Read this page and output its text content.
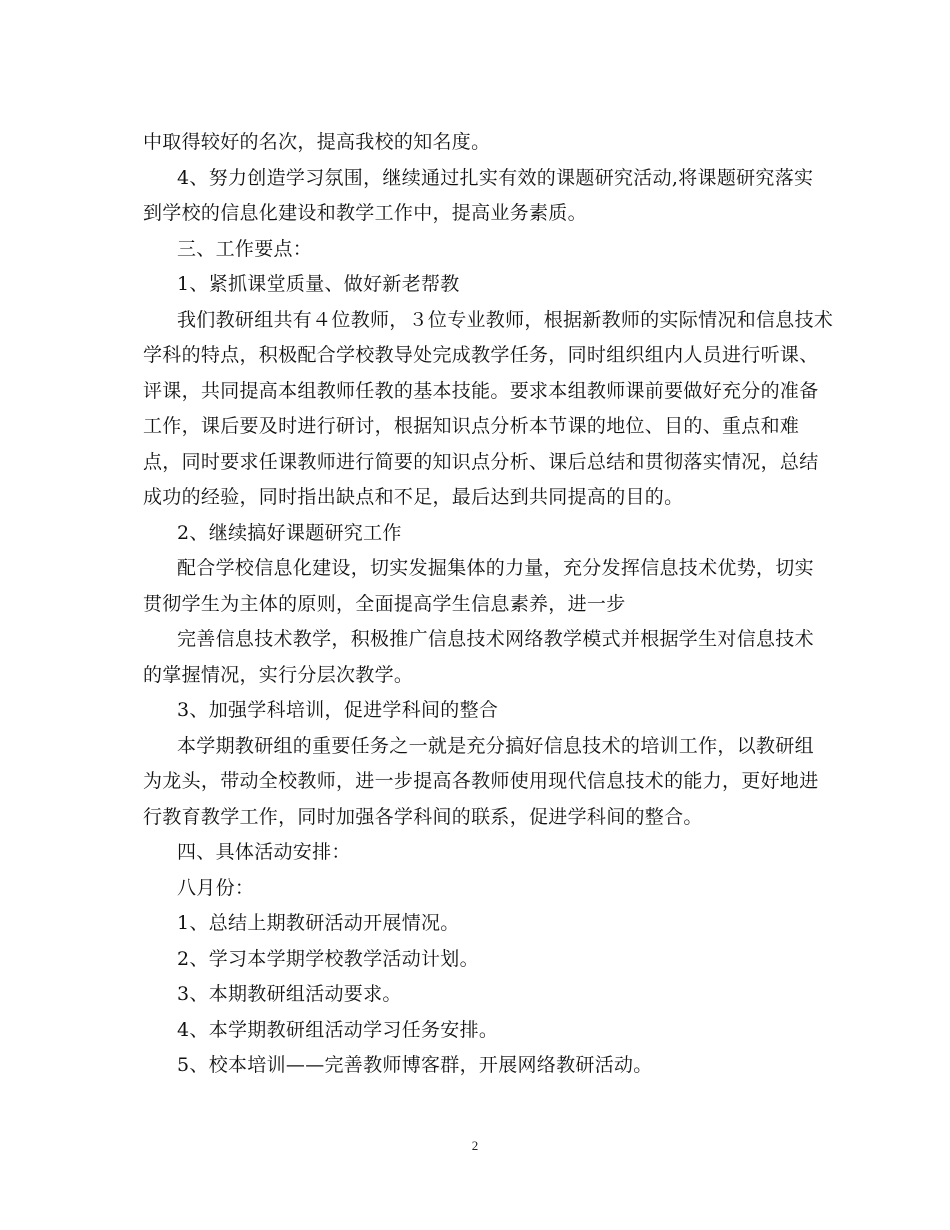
中取得较好的名次，提高我校的知名度。
4、努力创造学习氛围，继续通过扎实有效的课题研究活动,将课题研究落实
到学校的信息化建设和教学工作中，提高业务素质。
三、工作要点：
1、紧抓课堂质量、做好新老帮教
我们教研组共有４位教师，３位专业教师，根据新教师的实际情况和信息技术
学科的特点，积极配合学校教导处完成教学任务，同时组织组内人员进行听课、
评课，共同提高本组教师任教的基本技能。要求本组教师课前要做好充分的准备
工作，课后要及时进行研讨，根据知识点分析本节课的地位、目的、重点和难
点，同时要求任课教师进行简要的知识点分析、课后总结和贯彻落实情况，总结
成功的经验，同时指出缺点和不足，最后达到共同提高的目的。
2、继续搞好课题研究工作
配合学校信息化建设，切实发掘集体的力量，充分发挥信息技术优势，切实
贯彻学生为主体的原则，全面提高学生信息素养，进一步
完善信息技术教学，积极推广信息技术网络教学模式并根据学生对信息技术
的掌握情况，实行分层次教学。
3、加强学科培训，促进学科间的整合
本学期教研组的重要任务之一就是充分搞好信息技术的培训工作，以教研组
为龙头，带动全校教师，进一步提高各教师使用现代信息技术的能力，更好地进
行教育教学工作，同时加强各学科间的联系，促进学科间的整合。
四、具体活动安排：
八月份：
1、总结上期教研活动开展情况。
2、学习本学期学校教学活动计划。
3、本期教研组活动要求。
4、本学期教研组活动学习任务安排。
5、校本培训——完善教师博客群，开展网络教研活动。
2
